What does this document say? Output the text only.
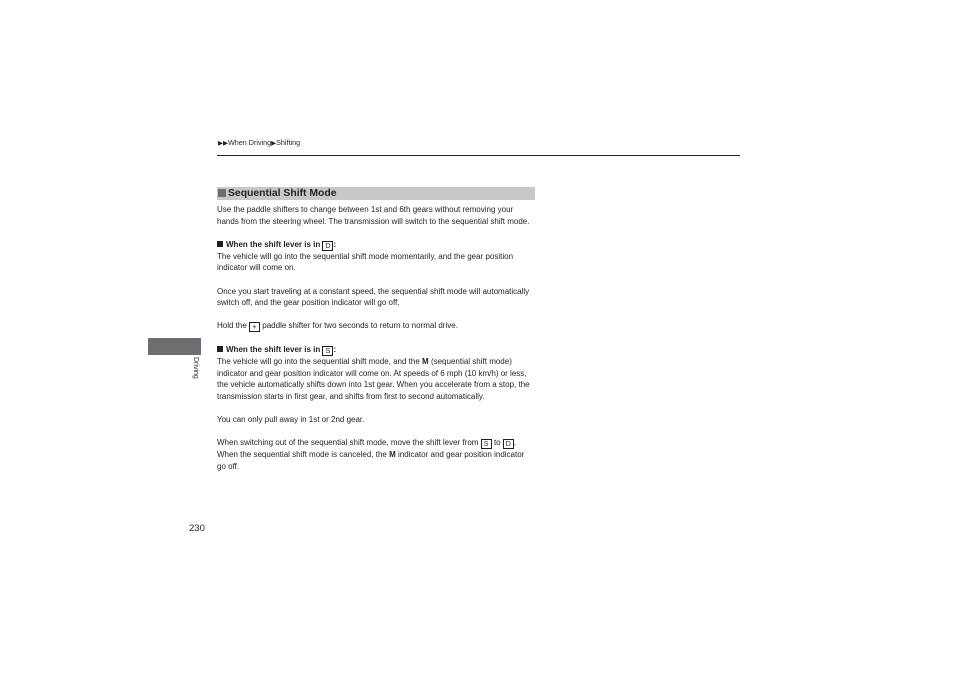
▶▶When Driving▶Shifting
Driving
Sequential Shift Mode

Use the paddle shifters to change between 1st and 6th gears without removing your hands from the steering wheel. The transmission will switch to the sequential shift mode.

When the shift lever is in D :

The vehicle will go into the sequential shift mode momentarily, and the gear position indicator will come on.

Once you start traveling at a constant speed, the sequential shift mode will automatically switch off, and the gear position indicator will go off.

Hold the + paddle shifter for two seconds to return to normal drive.

When the shift lever is in S :

The vehicle will go into the sequential shift mode, and the M (sequential shift mode) indicator and gear position indicator will come on. At speeds of 6 mph (10 km/h) or less, the vehicle automatically shifts down into 1st gear. When you accelerate from a stop, the transmission starts in first gear, and shifts from first to second automatically.

You can only pull away in 1st or 2nd gear.

When switching out of the sequential shift mode, move the shift lever from S to D . When the sequential shift mode is canceled, the M indicator and gear position indicator go off.

230
